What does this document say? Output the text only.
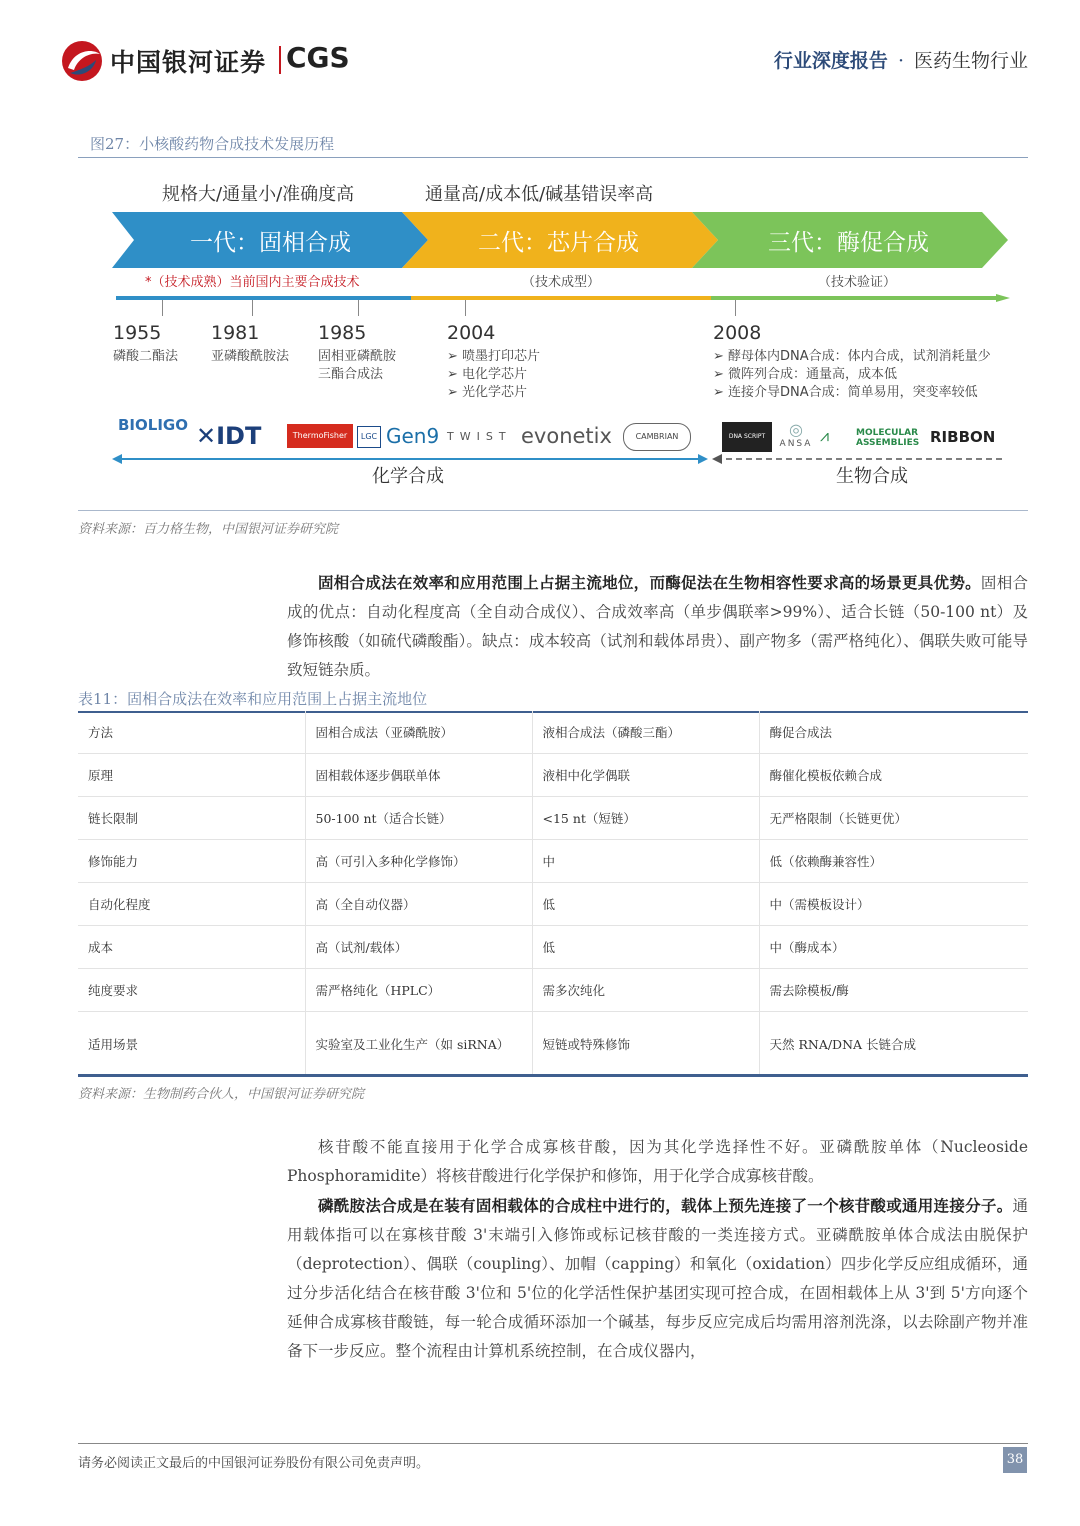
中国银河证券 CGS	行业深度报告 · 医药生物行业
图27：小核酸药物合成技术发展历程
规格大/通量小/准确度高	通量高/成本低/碱基错误率高
一代：固相合成	二代：芯片合成	三代：酶促合成
*（技术成熟）当前国内主要合成技术	（技术成型）	（技术验证）
1955	1981	1985	2004	2008
磷酸二酯法	亚磷酸酰胺法 固相亚磷酰胺
三酯合成法
➢ 喷墨打印芯片
➢ 电化学芯片
➢ 光化学芯片
➢ 酵母体内DNA合成：体内合成，试剂消耗量少
➢ 微阵列合成：通量高，成本低
➢ 连接介导DNA合成：简单易用，突变率较低
BIOLIGO ✕IDT	ThermoFisher	LGC Gen9 TWIST evonetix	CAMBRIAN	DNA SCRIPT	◎
ANSA ⩘	MOLECULAR ASSEMBLIES RIBBON
化学合成	生物合成
资料来源：百力格生物，中国银河证券研究院
固相合成法在效率和应用范围上占据主流地位，而酶促法在生物相容性要求高的场景更具优势。固相合成的优点：自动化程度高（全自动合成仪）、合成效率高（单步偶联率>99%）、适合长链（50-100 nt）及修饰核酸（如硫代磷酸酯）。缺点：成本较高（试剂和载体昂贵）、副产物多（需严格纯化）、偶联失败可能导致短链杂质。
表11：固相合成法在效率和应用范围上占据主流地位
方法	固相合成法（亚磷酰胺）	液相合成法（磷酸三酯）	酶促合成法
原理	固相载体逐步偶联单体	液相中化学偶联	酶催化模板依赖合成
链长限制	50-100 nt（适合长链）	<15 nt（短链）	无严格限制（长链更优）
修饰能力	高（可引入多种化学修饰）	中	低（依赖酶兼容性）
自动化程度	高（全自动仪器）	低	中（需模板设计）
成本	高（试剂/载体）	低	中（酶成本）
纯度要求	需严格纯化（HPLC）	需多次纯化	需去除模板/酶
适用场景	实验室及工业化生产（如 siRNA）	短链或特殊修饰	天然 RNA/DNA 长链合成
资料来源：生物制药合伙人，中国银河证券研究院
核苷酸不能直接用于化学合成寡核苷酸，因为其化学选择性不好。亚磷酰胺单体（Nucleoside Phosphoramidite）将核苷酸进行化学保护和修饰，用于化学合成寡核苷酸。
磷酰胺法合成是在装有固相载体的合成柱中进行的，载体上预先连接了一个核苷酸或通用连接分子。通用载体指可以在寡核苷酸 3'末端引入修饰或标记核苷酸的一类连接方式。亚磷酰胺单体合成法由脱保护（deprotection）、偶联（coupling）、加帽（capping）和氧化（oxidation）四步化学反应组成循环，通过分步活化结合在核苷酸 3'位和 5'位的化学活性保护基团实现可控合成，在固相载体上从 3'到 5'方向逐个延伸合成寡核苷酸链，每一轮合成循环添加一个碱基，每步反应完成后均需用溶剂洗涤，以去除副产物并准备下一步反应。整个流程由计算机系统控制，在合成仪器内，
请务必阅读正文最后的中国银河证券股份有限公司免责声明。	38
